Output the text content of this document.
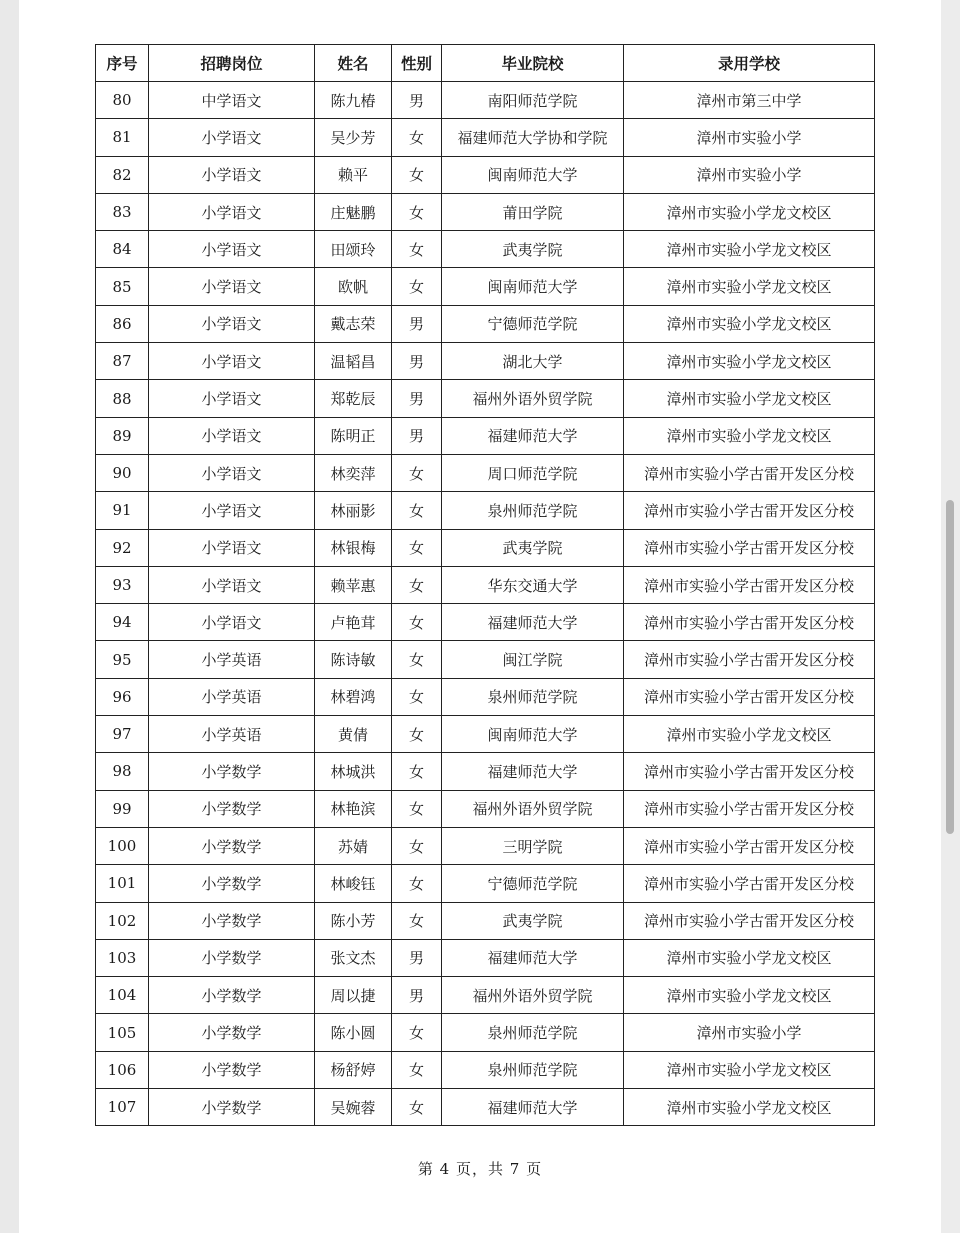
序号	招聘岗位	姓名	性别	毕业院校	录用学校
80	中学语文	陈九椿	男	南阳师范学院	漳州市第三中学
81	小学语文	吴少芳	女	福建师范大学协和学院	漳州市实验小学
82	小学语文	赖平	女	闽南师范大学	漳州市实验小学
83	小学语文	庄魅鹏	女	莆田学院	漳州市实验小学龙文校区
84	小学语文	田颂玲	女	武夷学院	漳州市实验小学龙文校区
85	小学语文	欧帆	女	闽南师范大学	漳州市实验小学龙文校区
86	小学语文	戴志荣	男	宁德师范学院	漳州市实验小学龙文校区
87	小学语文	温韬昌	男	湖北大学	漳州市实验小学龙文校区
88	小学语文	郑乾辰	男	福州外语外贸学院	漳州市实验小学龙文校区
89	小学语文	陈明正	男	福建师范大学	漳州市实验小学龙文校区
90	小学语文	林奕萍	女	周口师范学院	漳州市实验小学古雷开发区分校
91	小学语文	林丽影	女	泉州师范学院	漳州市实验小学古雷开发区分校
92	小学语文	林银梅	女	武夷学院	漳州市实验小学古雷开发区分校
93	小学语文	赖苹惠	女	华东交通大学	漳州市实验小学古雷开发区分校
94	小学语文	卢艳茸	女	福建师范大学	漳州市实验小学古雷开发区分校
95	小学英语	陈诗敏	女	闽江学院	漳州市实验小学古雷开发区分校
96	小学英语	林碧鸿	女	泉州师范学院	漳州市实验小学古雷开发区分校
97	小学英语	黄倩	女	闽南师范大学	漳州市实验小学龙文校区
98	小学数学	林城洪	女	福建师范大学	漳州市实验小学古雷开发区分校
99	小学数学	林艳滨	女	福州外语外贸学院	漳州市实验小学古雷开发区分校
100	小学数学	苏婧	女	三明学院	漳州市实验小学古雷开发区分校
101	小学数学	林峻钰	女	宁德师范学院	漳州市实验小学古雷开发区分校
102	小学数学	陈小芳	女	武夷学院	漳州市实验小学古雷开发区分校
103	小学数学	张文杰	男	福建师范大学	漳州市实验小学龙文校区
104	小学数学	周以捷	男	福州外语外贸学院	漳州市实验小学龙文校区
105	小学数学	陈小圆	女	泉州师范学院	漳州市实验小学
106	小学数学	杨舒婷	女	泉州师范学院	漳州市实验小学龙文校区
107	小学数学	吴婉蓉	女	福建师范大学	漳州市实验小学龙文校区
第 4 页，共 7 页
